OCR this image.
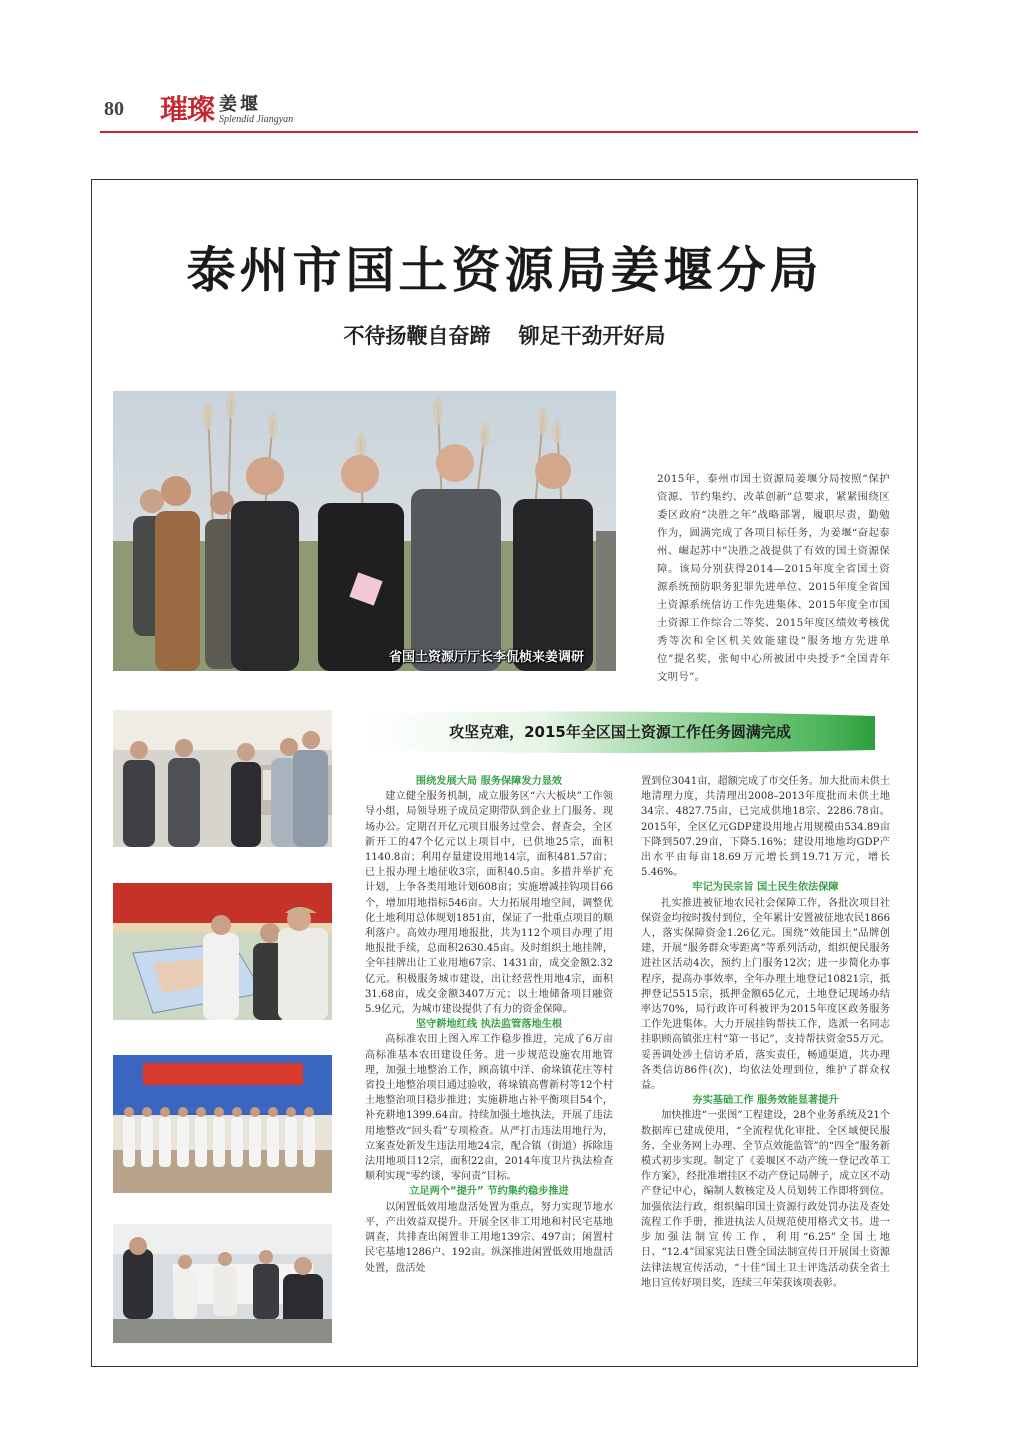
80 璀璨 姜堰
Splendid Jiangyan
泰州市国土资源局姜堰分局
不待扬鞭自奋蹄 铆足干劲开好局
省国土资源厅厅长李侃桢来姜调研
2015年，泰州市国土资源局姜堰分局按照“保护资源、节约集约、改革创新”总要求，紧紧围绕区委区政府“决胜之年”战略部署，履职尽责，勤勉作为，圆满完成了各项目标任务，为姜堰“奋起泰州、崛起苏中”决胜之战提供了有效的国土资源保障。该局分别获得2014—2015年度全省国土资源系统预防职务犯罪先进单位、2015年度全省国土资源系统信访工作先进集体、2015年度全市国土资源工作综合二等奖、2015年度区绩效考核优秀等次和全区机关效能建设“服务地方先进单位”提名奖，张甸中心所被团中央授予“全国青年文明号”。
攻坚克难，2015年全区国土资源工作任务圆满完成
围绕发展大局 服务保障发力显效

建立健全服务机制，成立服务区“六大板块”工作领导小组，局领导班子成员定期带队到企业上门服务、现场办公。定期召开亿元项目服务过堂会、督查会，全区新开工的47个亿元以上项目中，已供地25宗，面积1140.8亩；利用存量建设用地14宗，面积481.57亩；已上报办理土地征收3宗，面积40.5亩。多措并举扩充计划，上争各类用地计划608亩；实施增减挂钩项目66个，增加用地指标546亩。大力拓展用地空间，调整优化土地利用总体规划1851亩，保证了一批重点项目的顺利落户。高效办理用地报批，共为112个项目办理了用地报批手续，总面积2630.45亩。及时组织土地挂牌，全年挂牌出让工业用地67宗、1431亩，成交金额2.32亿元。积极服务城市建设，出让经营性用地4宗，面积31.68亩，成交金额3407万元；以土地储备项目融资5.9亿元，为城市建设提供了有力的资金保障。

坚守耕地红线 执法监管落地生根

高标准农田上图入库工作稳步推进，完成了6万亩高标准基本农田建设任务。进一步规范设施农用地管理，加强土地整治工作，顾高镇中洋、俞垛镇花庄等村省投土地整治项目通过验收，蒋垛镇高曹新村等12个村土地整治项目稳步推进；实施耕地占补平衡项目54个，补充耕地1399.64亩。持续加强土地执法，开展了违法用地整改“回头看”专项检查。从严打击违法用地行为，立案查处新发生违法用地24宗，配合镇（街道）拆除违法用地项目12宗，面积22亩，2014年度卫片执法检查顺利实现“零约谈，零问责”目标。

立足两个“提升” 节约集约稳步推进

以闲置低效用地盘活处置为重点，努力实现节地水平，产出效益双提升。开展全区非工用地和村民宅基地调查，共排查出闲置非工用地139宗、497亩；闲置村民宅基地1286户、192亩。纵深推进闲置低效用地盘活处置，盘活处

置到位3041亩，超额完成了市交任务。加大批而未供土地清理力度，共清理出2008–2013年度批而未供土地34宗、4827.75亩，已完成供地18宗、2286.78亩。2015年，全区亿元GDP建设用地占用规模由534.89亩下降到507.29亩，下降5.16%；建设用地地均GDP产出水平由每亩18.69万元增长到19.71万元，增长5.46%。

牢记为民宗旨 国土民生依法保障

扎实推进被征地农民社会保障工作，各批次项目社保资金均按时拨付到位，全年累计安置被征地农民1866人，落实保障资金1.26亿元。围绕“效能国土”品牌创建，开展“服务群众零距离”等系列活动，组织便民服务进社区活动4次，预约上门服务12次；进一步简化办事程序，提高办事效率，全年办理土地登记10821宗，抵押登记5515宗，抵押金额65亿元，土地登记现场办结率达70%，局行政许可科被评为2015年度区政务服务工作先进集体。大力开展挂钩帮扶工作，选派一名同志挂职顾高镇张庄村“第一书记”，支持帮扶资金55万元。妥善调处涉土信访矛盾，落实责任，畅通渠道，共办理各类信访86件(次)，均依法处理到位，维护了群众权益。

夯实基础工作 服务效能显著提升

加快推进“一张图”工程建设，28个业务系统及21个数据库已建成使用，“全流程优化审批、全区域便民服务、全业务网上办理、全节点效能监管”的“四全”服务新模式初步实现。制定了《姜堰区不动产统一登记改革工作方案》，经批准增挂区不动产登记局牌子，成立区不动产登记中心，编制人数核定及人员划转工作即将到位。加强依法行政，组织编印国土资源行政处罚办法及查处流程工作手册，推进执法人员规范使用格式文书。进一步加强法制宣传工作，利用“6.25”全国土地日、“12.4”国家宪法日暨全国法制宣传日开展国土资源法律法规宣传活动，“十佳”国土卫士评选活动获全省土地日宣传好项目奖，连续三年荣获该项表彰。
